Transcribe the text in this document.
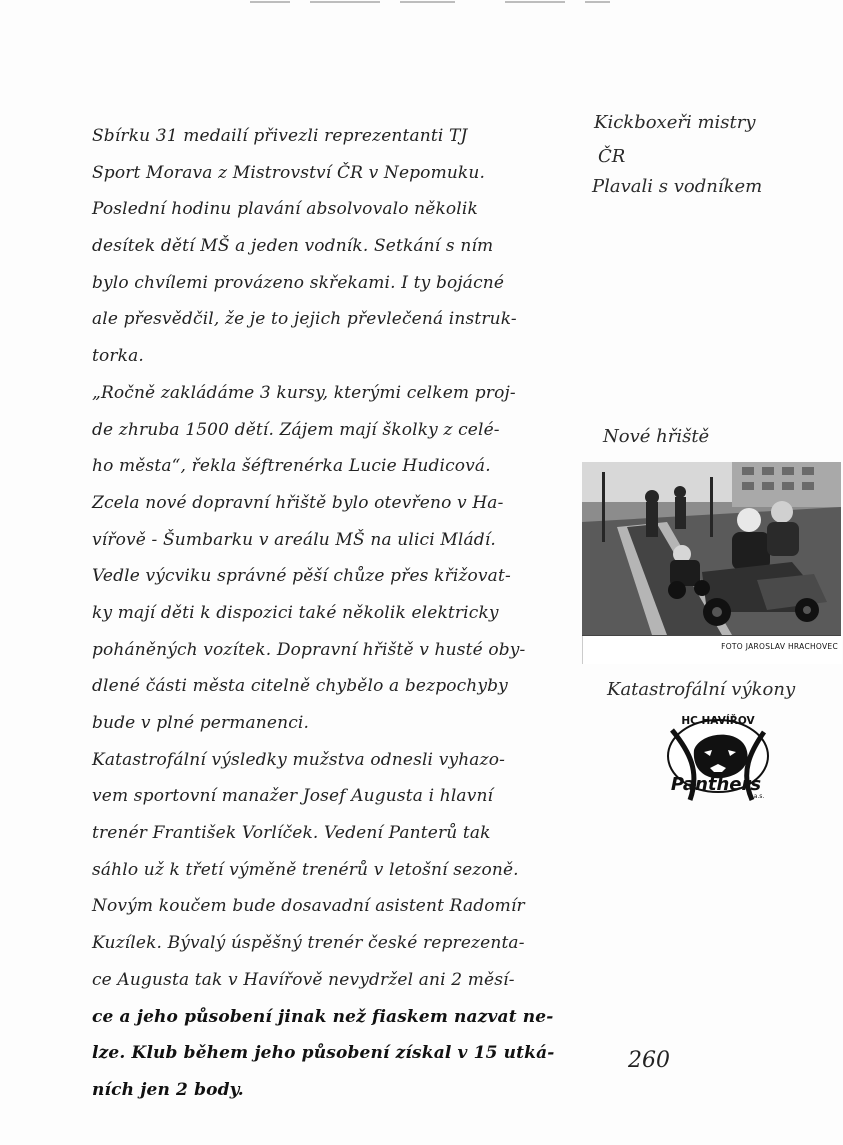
Sbírku 31 medailí přivezli reprezentanti TJ
Sport Morava z Mistrovství ČR v Nepomuku.
Poslední hodinu plavání absolvovalo několik
desítek dětí MŠ a jeden vodník. Setkání s ním
bylo chvílemi provázeno skřekami. I ty bojácné
ale přesvědčil, že je to jejich převlečená instruk-
torka.
„Ročně zakládáme 3 kursy, kterými celkem proj-
de zhruba 1500 dětí. Zájem mají školky z celé-
ho města“, řekla šéftrenérka Lucie Hudicová.
Zcela nové dopravní hřiště bylo otevřeno v Ha-
vířově - Šumbarku v areálu MŠ na ulici Mládí.
Vedle výcviku správné pěší chůze přes křižovat-
ky mají děti k dispozici také několik elektricky
poháněných vozítek. Dopravní hřiště v husté oby-
dlené části města citelně chybělo a bezpochyby
bude v plné permanenci.
Katastrofální výsledky mužstva odnesli vyhazo-
vem sportovní manažer Josef Augusta i hlavní
trenér František Vorlíček. Vedení Panterů tak
sáhlo už k třetí výměně trenérů v letošní sezoně.
Novým koučem bude dosavadní asistent Radomír
Kuzílek. Bývalý úspěšný trenér české reprezenta-
ce Augusta tak v Havířově nevydržel ani 2 měsí-
ce a jeho působení jinak než fiaskem nazvat ne-
lze. Klub během jeho působení získal v 15 utká-
ních jen 2 body.
Kickboxeři mistry
ČR
Plavali s vodníkem
Nové hřiště
Katastrofální výkony
FOTO JAROSLAV HRACHOVEC
HC HAVÍŘOV
Panthers
a.s.
260
